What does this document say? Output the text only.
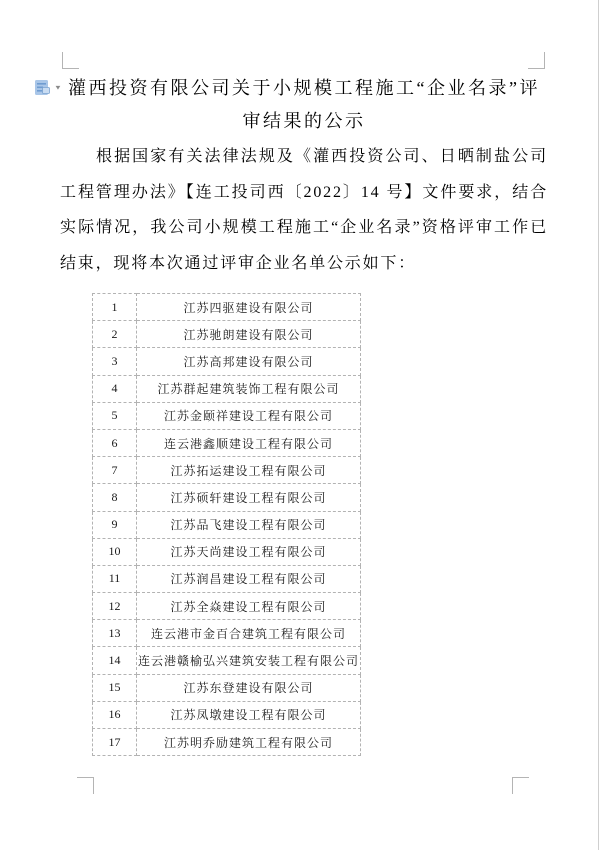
▼ 灌西投资有限公司关于小规模工程施工“企业名录”评审结果的公示
根据国家有关法律法规及《灌西投资公司、日晒制盐公司工程管理办法》【连工投司西〔2022〕14 号】文件要求，结合实际情况，我公司小规模工程施工“企业名录”资格评审工作已结束，现将本次通过评审企业名单公示如下：
1	江苏四驱建设有限公司
2	江苏驰朗建设有限公司
3	江苏高邦建设有限公司
4	江苏群起建筑装饰工程有限公司
5	江苏金颐祥建设工程有限公司
6	连云港鑫顺建设工程有限公司
7	江苏拓运建设工程有限公司
8	江苏硕轩建设工程有限公司
9	江苏品飞建设工程有限公司
10	江苏天尚建设工程有限公司
11	江苏润昌建设工程有限公司
12	江苏全焱建设工程有限公司
13	连云港市金百合建筑工程有限公司
14	连云港赣榆弘兴建筑安装工程有限公司
15	江苏东登建设有限公司
16	江苏凤墩建设工程有限公司
17	江苏明乔励建筑工程有限公司
